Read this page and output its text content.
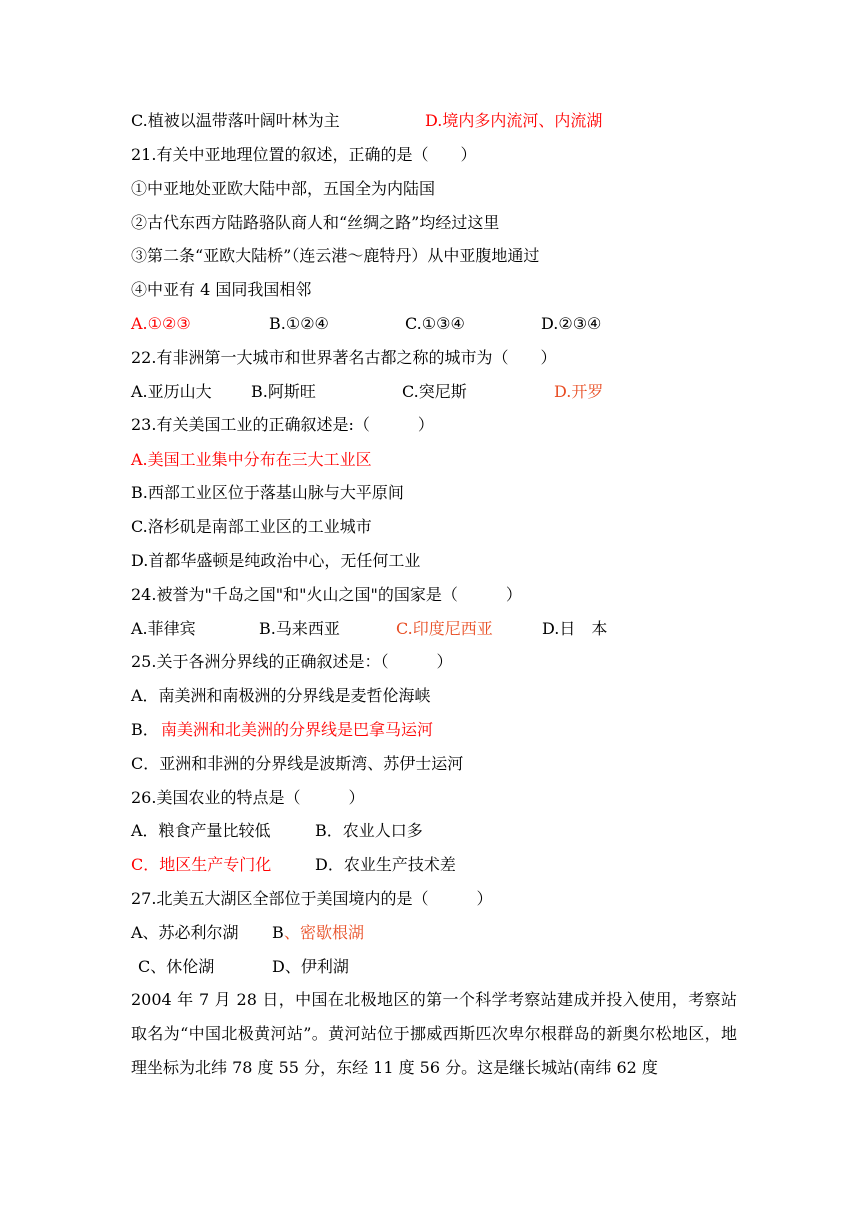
C.植被以温带落叶阔叶林为主	D.境内多内流河、内流湖
21.有关中亚地理位置的叙述，正确的是（　　）
①中亚地处亚欧大陆中部，五国全为内陆国
②古代东西方陆路骆队商人和“丝绸之路”均经过这里
③第二条“亚欧大陆桥”（连云港～鹿特丹）从中亚腹地通过
④中亚有 4 国同我国相邻
A.①②③	B.①②④	C.①③④	D.②③④
22.有非洲第一大城市和世界著名古都之称的城市为（　　）
A.亚历山大 B.阿斯旺	C.突尼斯	D.开罗
23.有关美国工业的正确叙述是:（　　　）
A.美国工业集中分布在三大工业区
B.西部工业区位于落基山脉与大平原间
C.洛杉矶是南部工业区的工业城市
D.首都华盛顿是纯政治中心，无任何工业
24.被誉为"千岛之国"和"火山之国"的国家是（　　　）
A.菲律宾	B.马来西亚	C.印度尼西亚	D.日　本
25.关于各洲分界线的正确叙述是：（　　　）
A．南美洲和南极洲的分界线是麦哲伦海峡
B． 南美洲和北美洲的分界线是巴拿马运河
C．亚洲和非洲的分界线是波斯湾、苏伊士运河
26.美国农业的特点是（　　　）
A．粮食产量比较低	B．农业人口多
C．地区生产专门化	D．农业生产技术差
27.北美五大湖区全部位于美国境内的是（　　　）
A、苏必利尔湖 B 、密歇根湖
C、休伦湖	D、伊利湖
2004 年 7 月 28 日，中国在北极地区的第一个科学考察站建成并投入使用，考察站取名为“中国北极黄河站”。黄河站位于挪威西斯匹次卑尔根群岛的新奥尔松地区，地理坐标为北纬 78 度 55 分，东经 11 度 56 分。这是继长城站(南纬 62 度
